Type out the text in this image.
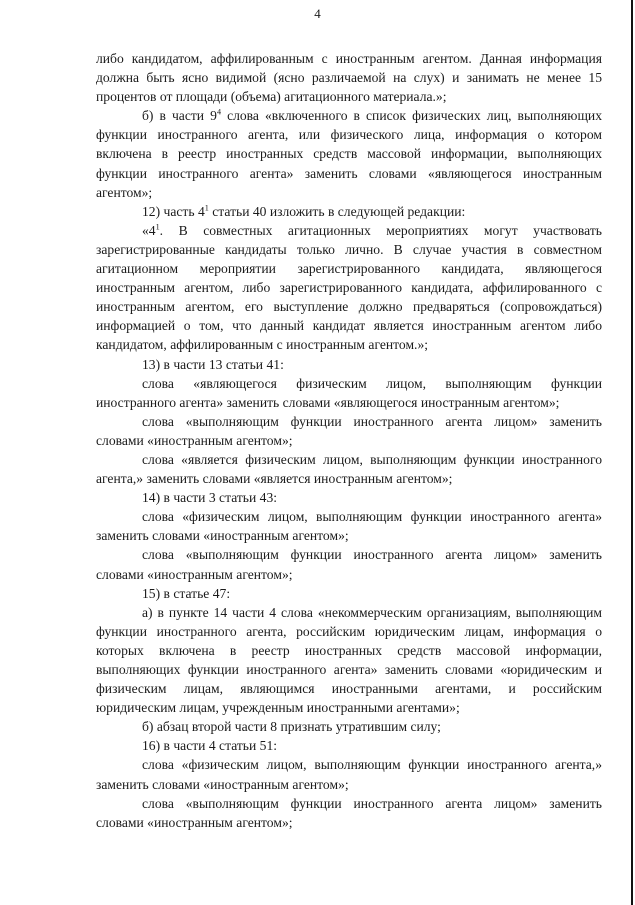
4

либо кандидатом, аффилированным с иностранным агентом. Данная информация должна быть ясно видимой (ясно различаемой на слух) и занимать не менее 15 процентов от площади (объема) агитационного материала.»;

б) в части $9^4$ слова «включенного в список физических лиц, выполняющих функции иностранного агента, или физического лица, информация о котором включена в реестр иностранных средств массовой информации, выполняющих функции иностранного агента» заменить словами «являющегося иностранным агентом»;

12) часть $4^1$ статьи 40 изложить в следующей редакции:

«$4^1$. В совместных агитационных мероприятиях могут участвовать зарегистрированные кандидаты только лично. В случае участия в совместном агитационном мероприятии зарегистрированного кандидата, являющегося иностранным агентом, либо зарегистрированного кандидата, аффилированного с иностранным агентом, его выступление должно предваряться (сопровождаться) информацией о том, что данный кандидат является иностранным агентом либо кандидатом, аффилированным с иностранным агентом.»;

13) в части 13 статьи 41:

слова «являющегося физическим лицом, выполняющим функции иностранного агента» заменить словами «являющегося иностранным агентом»;

слова «выполняющим функции иностранного агента лицом» заменить словами «иностранным агентом»;

слова «является физическим лицом, выполняющим функции иностранного агента,» заменить словами «является иностранным агентом»;

14) в части 3 статьи 43:

слова «физическим лицом, выполняющим функции иностранного агента» заменить словами «иностранным агентом»;

слова «выполняющим функции иностранного агента лицом» заменить словами «иностранным агентом»;

15) в статье 47:

а) в пункте 14 части 4 слова «некоммерческим организациям, выполняющим функции иностранного агента, российским юридическим лицам, информация о которых включена в реестр иностранных средств массовой информации, выполняющих функции иностранного агента» заменить словами «юридическим и физическим лицам, являющимся иностранными агентами, и российским юридическим лицам, учрежденным иностранными агентами»;

б) абзац второй части 8 признать утратившим силу;

16) в части 4 статьи 51:

слова «физическим лицом, выполняющим функции иностранного агента,» заменить словами «иностранным агентом»;

слова «выполняющим функции иностранного агента лицом» заменить словами «иностранным агентом»;
